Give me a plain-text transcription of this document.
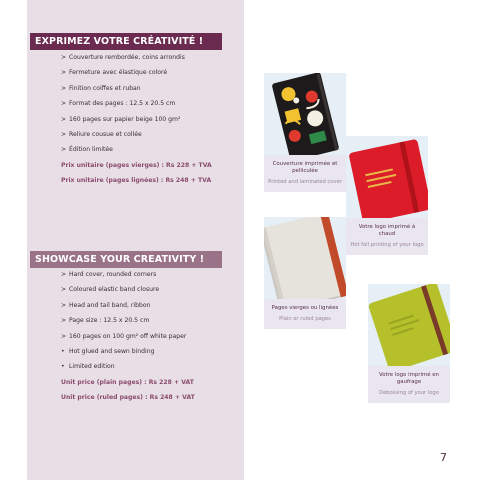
EXPRIMEZ VOTRE CRÉATIVITÉ !
> Couverture rembordée, coins arrondis
> Fermeture avec élastique coloré
> Finition coiffes et ruban
> Format des pages : 12.5 x 20.5 cm
> 160 pages sur papier beige 100 gm²
> Reliure cousue et collée
> Édition limitée
Prix unitaire (pages vierges) : Rs 228 + TVA
Prix unitaire (pages lignées) : Rs 248 + TVA
SHOWCASE YOUR CREATIVITY !
> Hard cover, rounded corners
> Coloured elastic band closure
> Head and tail band, ribbon
> Page size : 12.5 x 20.5 cm
> 160 pages on 100 gm² off white paper
• Hot glued and sewn binding
• Limited edition
Unit price (plain pages) : Rs 228 + VAT
Unit price (ruled pages) : Rs 248 + VAT
Couverture imprimée et pelliculée
Printed and laminated cover
Votre logo imprimé à chaud
Hot foil printing of your logo
Pages vierges ou lignées
Plain or ruled pages
Votre logo imprimé en gaufrage
Debossing of your logo
7
